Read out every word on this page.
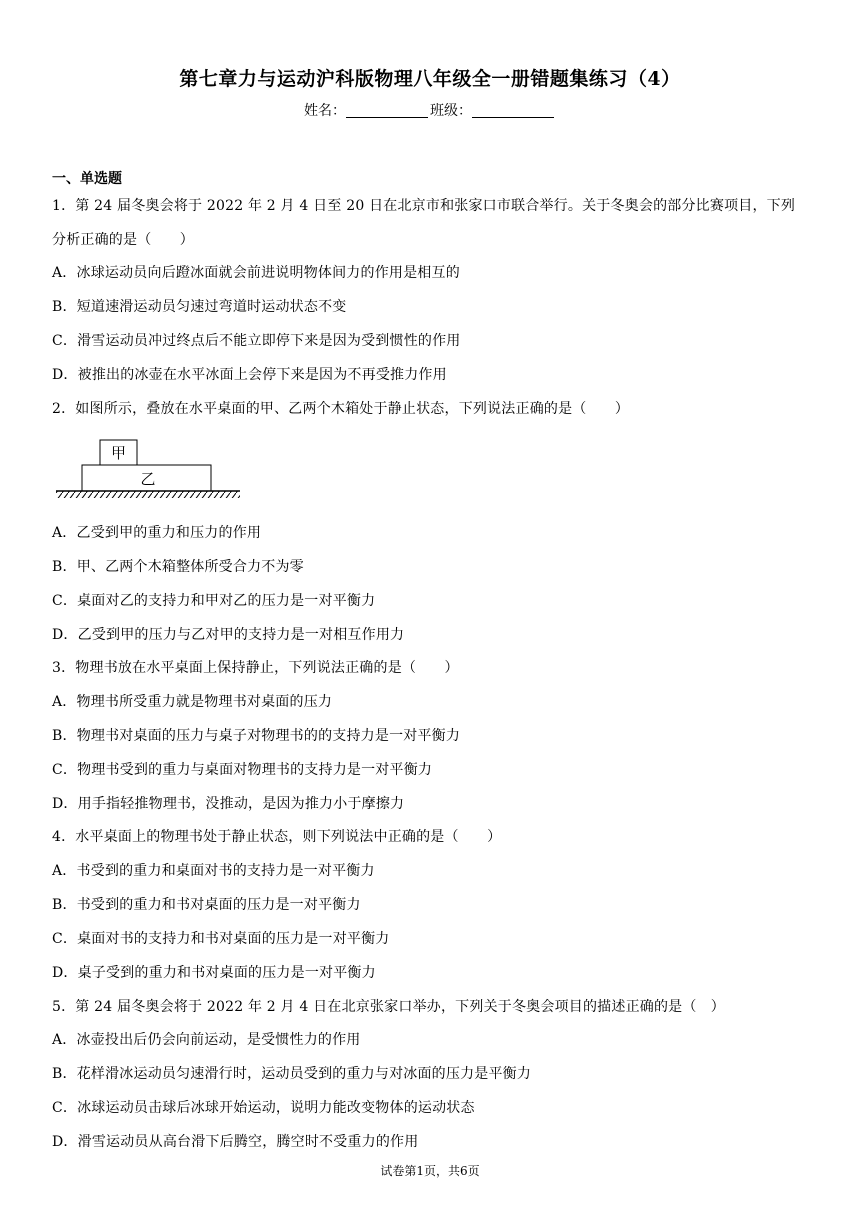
第七章力与运动沪科版物理八年级全一册错题集练习（4）
姓名：	班级：
一、单选题
1．第 24 届冬奥会将于 2022 年 2 月 4 日至 20 日在北京市和张家口市联合举行。关于冬奥会的部分比赛项目，下列
分析正确的是（　　）
A．冰球运动员向后蹬冰面就会前进说明物体间力的作用是相互的
B．短道速滑运动员匀速过弯道时运动状态不变
C．滑雪运动员冲过终点后不能立即停下来是因为受到惯性的作用
D．被推出的冰壶在水平冰面上会停下来是因为不再受推力作用
2．如图所示，叠放在水平桌面的甲、乙两个木箱处于静止状态，下列说法正确的是（　　）
甲
乙
A．乙受到甲的重力和压力的作用
B．甲、乙两个木箱整体所受合力不为零
C．桌面对乙的支持力和甲对乙的压力是一对平衡力
D．乙受到甲的压力与乙对甲的支持力是一对相互作用力
3．物理书放在水平桌面上保持静止，下列说法正确的是（　　）
A．物理书所受重力就是物理书对桌面的压力
B．物理书对桌面的压力与桌子对物理书的的支持力是一对平衡力
C．物理书受到的重力与桌面对物理书的支持力是一对平衡力
D．用手指轻推物理书，没推动，是因为推力小于摩擦力
4．水平桌面上的物理书处于静止状态，则下列说法中正确的是（　　）
A．书受到的重力和桌面对书的支持力是一对平衡力
B．书受到的重力和书对桌面的压力是一对平衡力
C．桌面对书的支持力和书对桌面的压力是一对平衡力
D．桌子受到的重力和书对桌面的压力是一对平衡力
5．第 24 届冬奥会将于 2022 年 2 月 4 日在北京张家口举办，下列关于冬奥会项目的描述正确的是（　）
A．冰壶投出后仍会向前运动，是受惯性力的作用
B．花样滑冰运动员匀速滑行时，运动员受到的重力与对冰面的压力是平衡力
C．冰球运动员击球后冰球开始运动，说明力能改变物体的运动状态
D．滑雪运动员从高台滑下后腾空，腾空时不受重力的作用
试卷第1页，共6页
